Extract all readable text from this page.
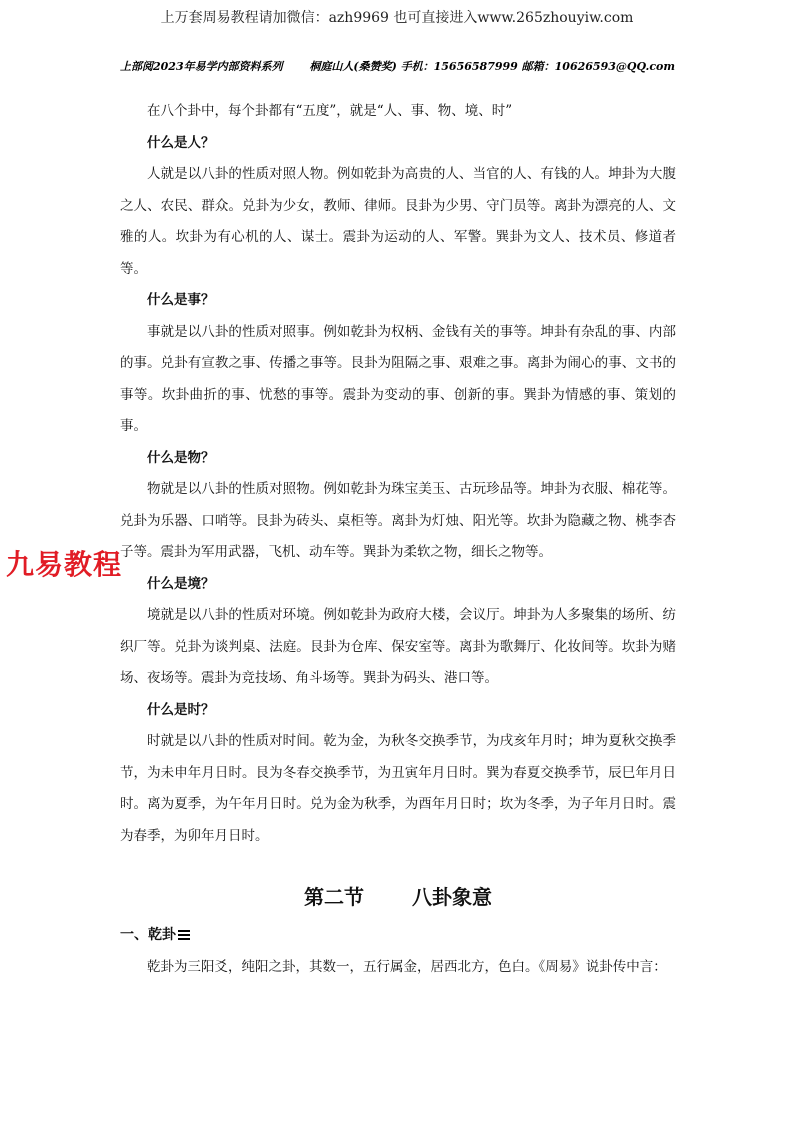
上万套周易教程请加微信：azh9969 也可直接进入www.265zhouyiw.com
上部阅2023年易学内部资料系列 桐庭山人(桑赞奖) 手机：15656587999 邮箱：10626593@QQ.com

在八个卦中，每个卦都有“五度”，就是“人、事、物、境、时”

什么是人？

人就是以八卦的性质对照人物。例如乾卦为高贵的人、当官的人、有钱的人。坤卦为大腹之人、农民、群众。兑卦为少女，教师、律师。艮卦为少男、守门员等。离卦为漂亮的人、文雅的人。坎卦为有心机的人、谋士。震卦为运动的人、军警。巽卦为文人、技术员、修道者等。

什么是事？

事就是以八卦的性质对照事。例如乾卦为权柄、金钱有关的事等。坤卦有杂乱的事、内部的事。兑卦有宣教之事、传播之事等。艮卦为阻隔之事、艰难之事。离卦为闹心的事、文书的事等。坎卦曲折的事、忧愁的事等。震卦为变动的事、创新的事。巽卦为情感的事、策划的事。

什么是物？

物就是以八卦的性质对照物。例如乾卦为珠宝美玉、古玩珍品等。坤卦为衣服、棉花等。兑卦为乐器、口哨等。艮卦为砖头、桌柜等。离卦为灯烛、阳光等。坎卦为隐藏之物、桃李杏子等。震卦为军用武器，飞机、动车等。巽卦为柔软之物，细长之物等。

什么是境？

境就是以八卦的性质对环境。例如乾卦为政府大楼，会议厅。坤卦为人多聚集的场所、纺织厂等。兑卦为谈判桌、法庭。艮卦为仓库、保安室等。离卦为歌舞厅、化妆间等。坎卦为赌场、夜场等。震卦为竞技场、角斗场等。巽卦为码头、港口等。

什么是时？

时就是以八卦的性质对时间。乾为金，为秋冬交换季节，为戌亥年月时；坤为夏秋交换季节，为未申年月日时。艮为冬春交换季节，为丑寅年月日时。巽为春夏交换季节，辰巳年月日时。离为夏季，为午年月日时。兑为金为秋季，为酉年月日时；坎为冬季，为子年月日时。震为春季，为卯年月日时。

第二节 八卦象意
一、乾卦

乾卦为三阳爻，纯阳之卦，其数一，五行属金，居西北方，色白。《周易》说卦传中言：

九易教程
